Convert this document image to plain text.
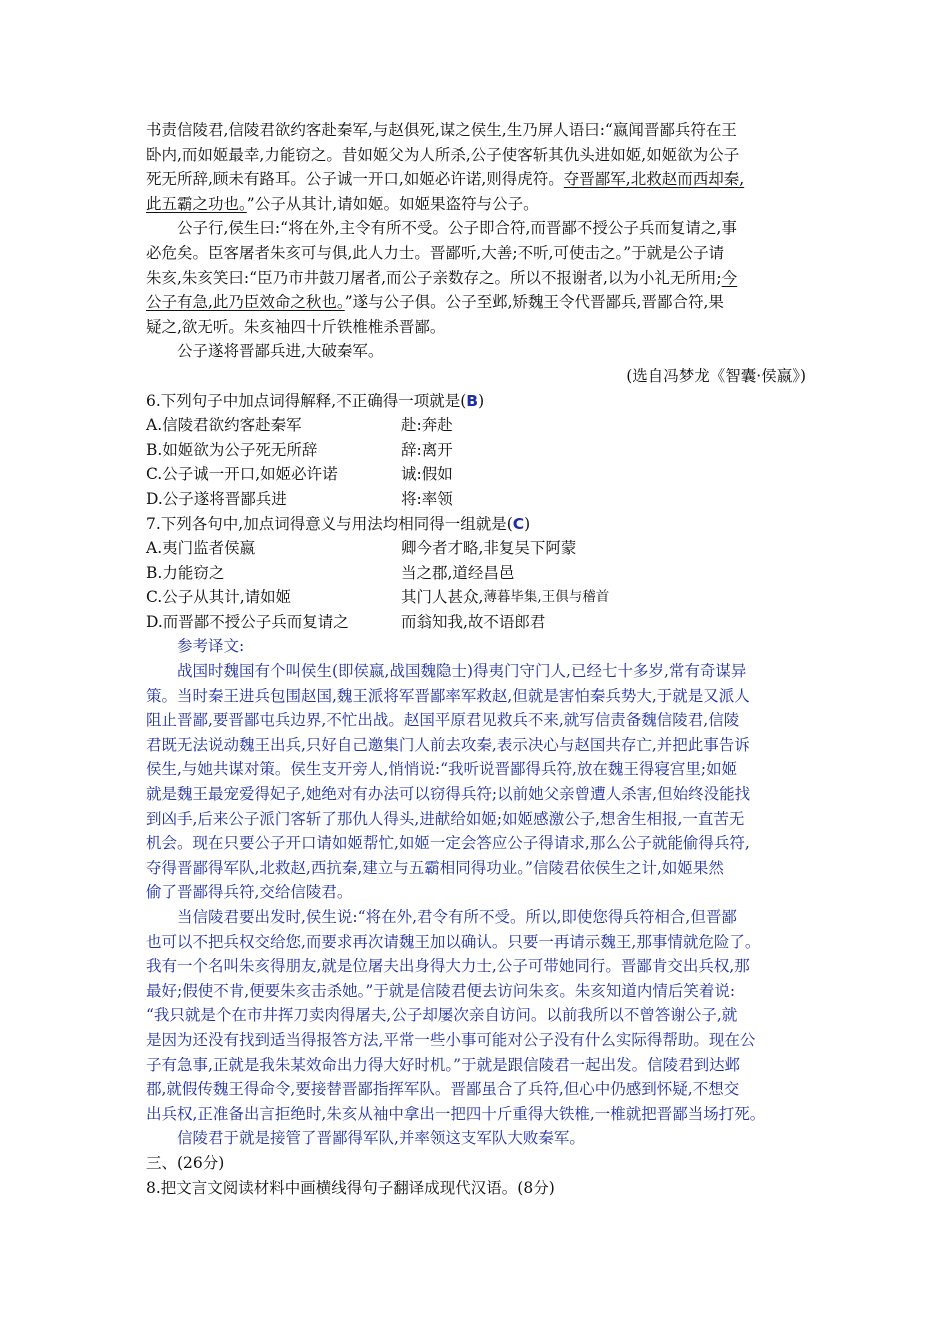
书责信陵君,信陵君欲约客赴秦军,与赵俱死,谋之侯生,生乃屏人语曰:“嬴闻晋鄙兵符在王
卧内,而如姬最幸,力能窃之。昔如姬父为人所杀,公子使客斩其仇头进如姬,如姬欲为公子
死无所辞,顾未有路耳。公子诚一开口,如姬必许诺,则得虎符。夺晋鄙军,北救赵而西却秦,
此五霸之功也。”公子从其计,请如姬。如姬果盗符与公子。
公子行,侯生曰:“将在外,主令有所不受。公子即合符,而晋鄙不授公子兵而复请之,事
必危矣。臣客屠者朱亥可与俱,此人力士。晋鄙听,大善;不听,可使击之。”于就是公子请
朱亥,朱亥笑曰:“臣乃市井鼓刀屠者,而公子亲数存之。所以不报谢者,以为小礼无所用;今
公子有急,此乃臣效命之秋也。”遂与公子俱。公子至邺,矫魏王令代晋鄙兵,晋鄙合符,果
疑之,欲无听。朱亥袖四十斤铁椎椎杀晋鄙。
公子遂将晋鄙兵进,大破秦军。
(选自冯梦龙《智囊·侯嬴》)
6.下列句子中加点词得解释,不正确得一项就是(B)
A.信陵君欲约客赴秦军	赴:奔赴
B.如姬欲为公子死无所辞	辞:离开
C.公子诚一开口,如姬必许诺	诚:假如
D.公子遂将晋鄙兵进	将:率领
7.下列各句中,加点词得意义与用法均相同得一组就是(C)
A.夷门监者侯嬴	卿今者才略,非复吴下阿蒙
B.力能窃之	当之郡,道经昌邑
C.公子从其计,请如姬	其门人甚众, 薄暮毕集,王俱与稽首
D.而晋鄙不授公子兵而复请之	而翁知我,故不语郎君
参考译文:
战国时魏国有个叫侯生(即侯嬴,战国魏隐士)得夷门守门人,已经七十多岁,常有奇谋异
策。当时秦王进兵包围赵国,魏王派将军晋鄙率军救赵,但就是害怕秦兵势大,于就是又派人
阻止晋鄙,要晋鄙屯兵边界,不忙出战。赵国平原君见救兵不来,就写信责备魏信陵君,信陵
君既无法说动魏王出兵,只好自己邀集门人前去攻秦,表示决心与赵国共存亡,并把此事告诉
侯生,与她共谋对策。侯生支开旁人,悄悄说:“我听说晋鄙得兵符,放在魏王得寝宫里;如姬
就是魏王最宠爱得妃子,她绝对有办法可以窃得兵符;以前她父亲曾遭人杀害,但始终没能找
到凶手,后来公子派门客斩了那仇人得头,进献给如姬;如姬感激公子,想舍生相报,一直苦无
机会。现在只要公子开口请如姬帮忙,如姬一定会答应公子得请求,那么公子就能偷得兵符,
夺得晋鄙得军队,北救赵,西抗秦,建立与五霸相同得功业。”信陵君依侯生之计,如姬果然
偷了晋鄙得兵符,交给信陵君。
当信陵君要出发时,侯生说:“将在外,君令有所不受。所以,即使您得兵符相合,但晋鄙
也可以不把兵权交给您,而要求再次请魏王加以确认。只要一再请示魏王,那事情就危险了。
我有一个名叫朱亥得朋友,就是位屠夫出身得大力士,公子可带她同行。晋鄙肯交出兵权,那
最好;假使不肯,便要朱亥击杀她。”于就是信陵君便去访问朱亥。朱亥知道内情后笑着说:
“我只就是个在市井挥刀卖肉得屠夫,公子却屡次亲自访问。以前我所以不曾答谢公子,就
是因为还没有找到适当得报答方法,平常一些小事可能对公子没有什么实际得帮助。现在公
子有急事,正就是我朱某效命出力得大好时机。”于就是跟信陵君一起出发。信陵君到达邺
郡,就假传魏王得命令,要接替晋鄙指挥军队。晋鄙虽合了兵符,但心中仍感到怀疑,不想交
出兵权,正准备出言拒绝时,朱亥从袖中拿出一把四十斤重得大铁椎,一椎就把晋鄙当场打死。
信陵君于就是接管了晋鄙得军队,并率领这支军队大败秦军。
三、(26分)
8.把文言文阅读材料中画横线得句子翻译成现代汉语。(8分)
